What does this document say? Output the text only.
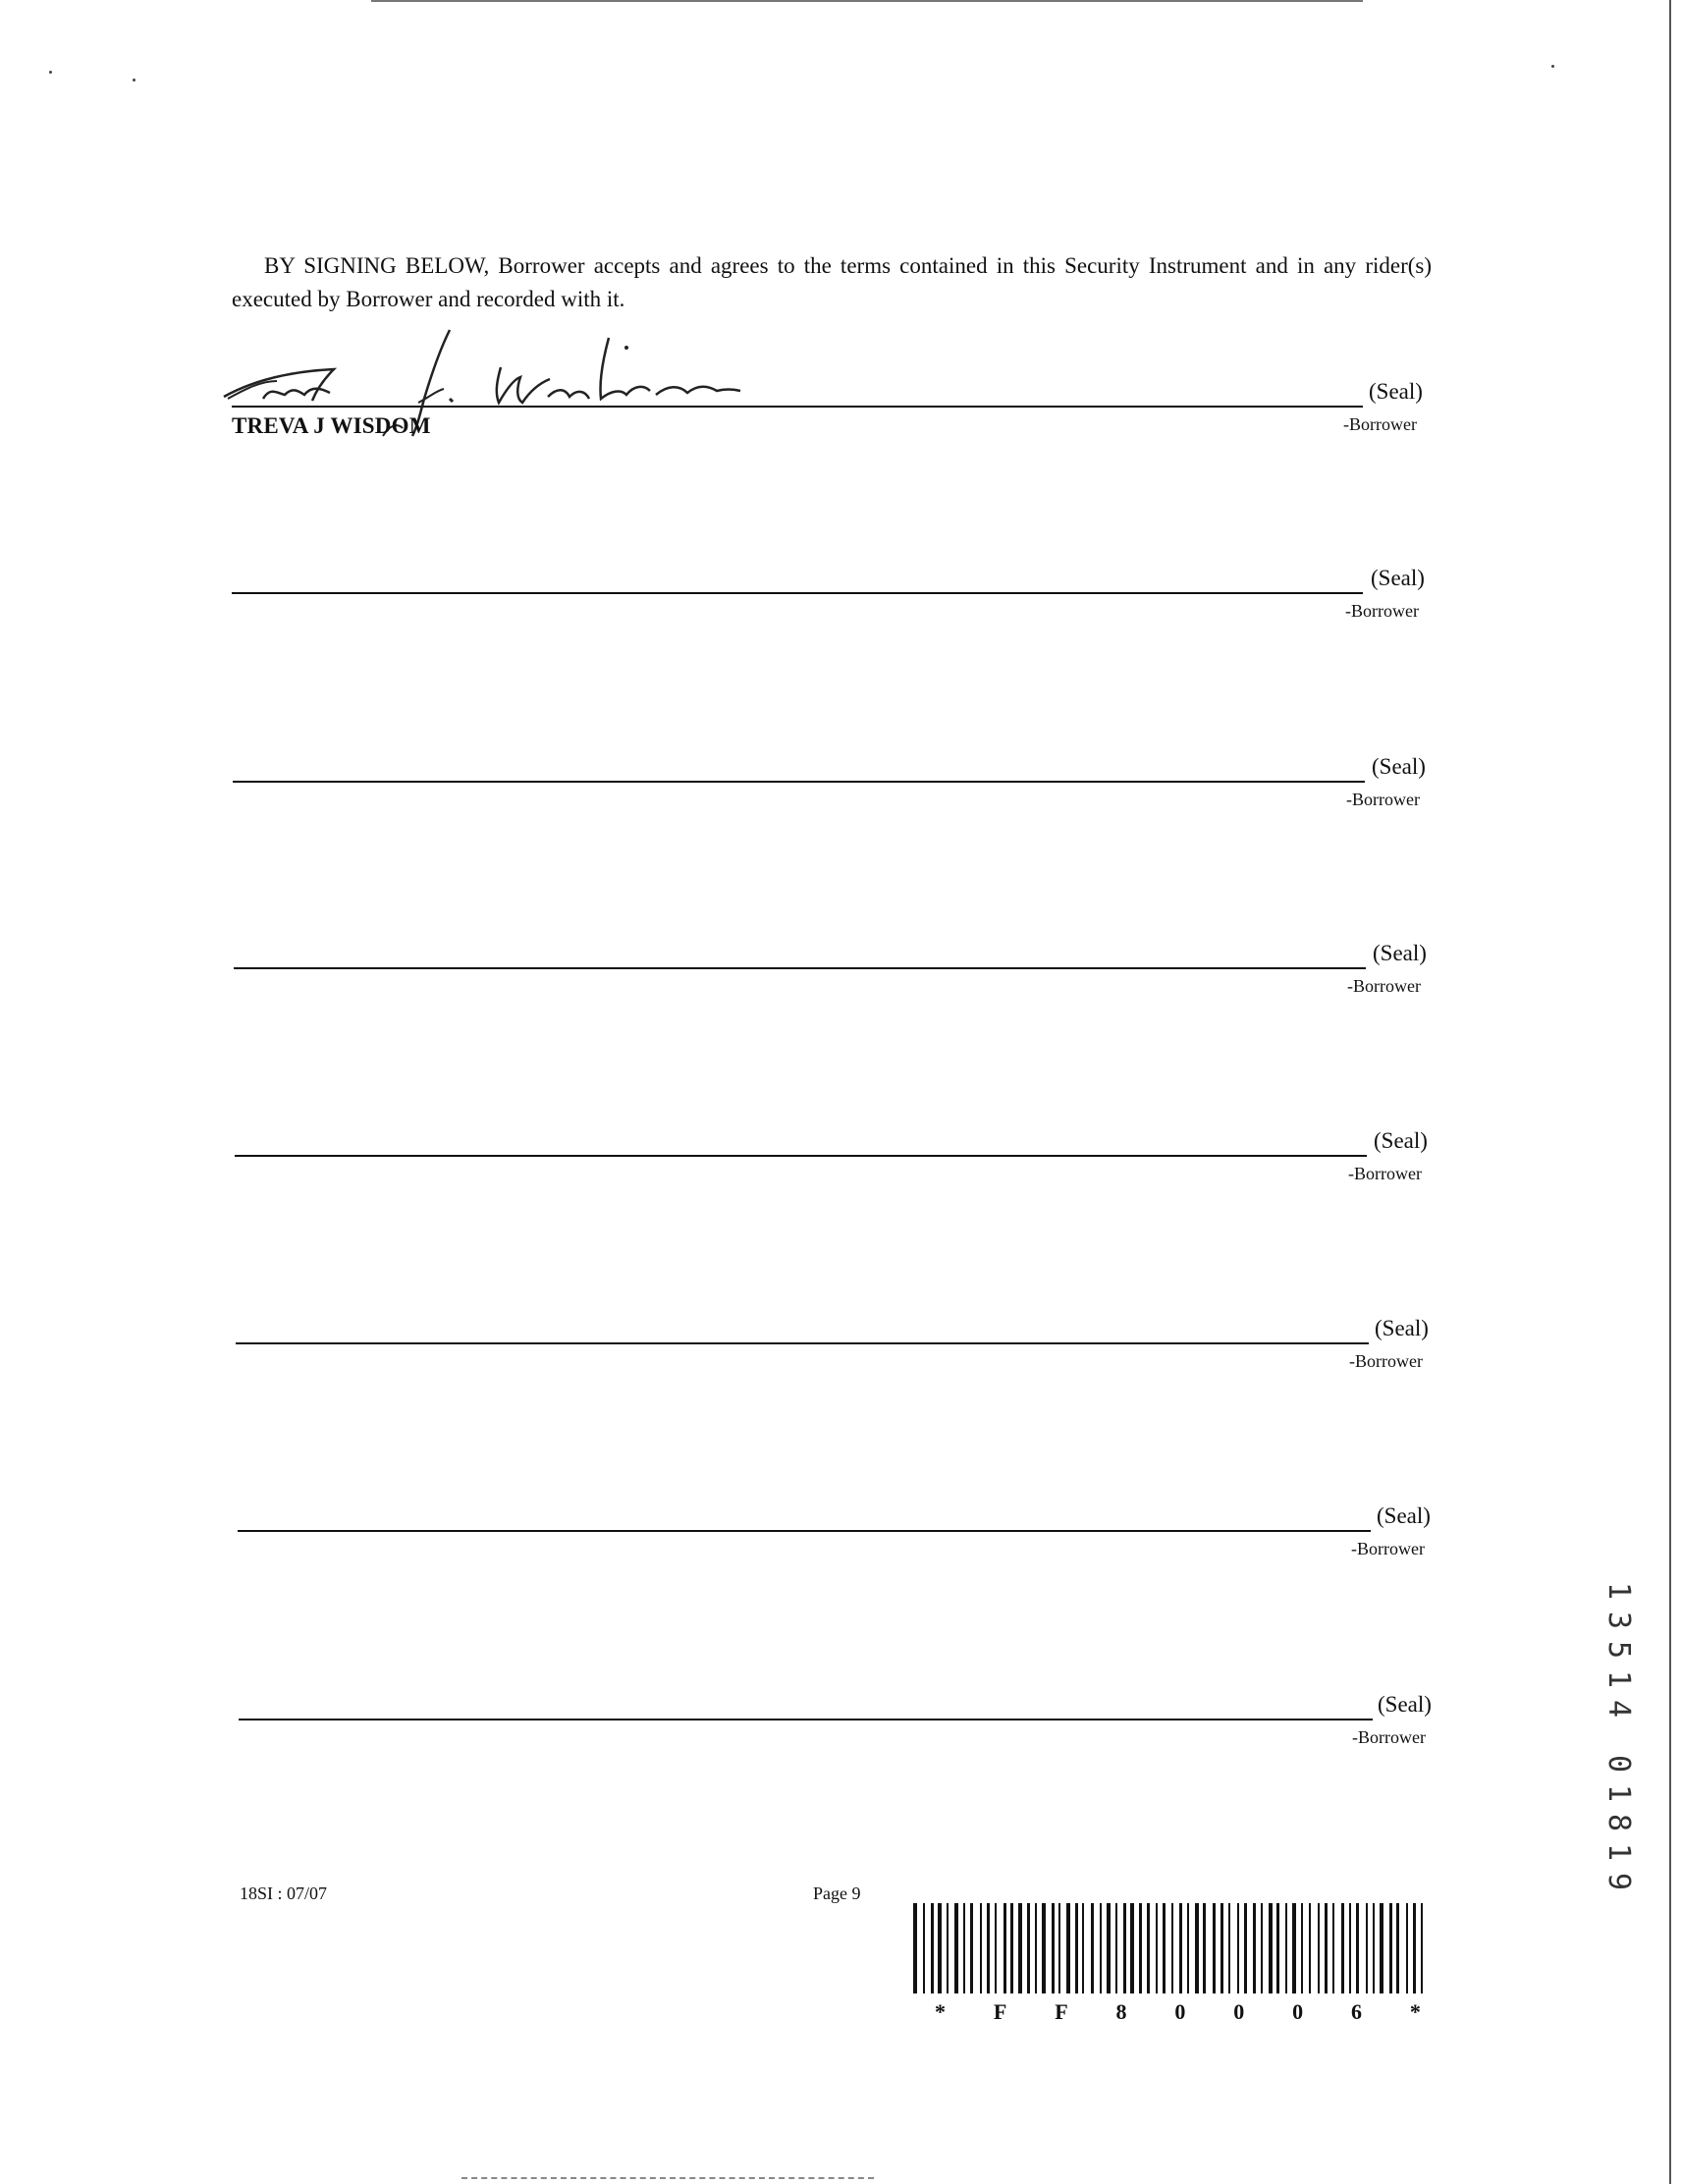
BY SIGNING BELOW, Borrower accepts and agrees to the terms contained in this Security Instrument and in any rider(s) executed by Borrower and recorded with it.

(Seal)
-Borrower
TREVA J WISDOM
(Seal)
-Borrower
(Seal)
-Borrower
(Seal)
-Borrower
(Seal)
-Borrower
(Seal)
-Borrower
(Seal)
-Borrower
(Seal)
-Borrower
18SI : 07/07	Page 9
* F F 8 0 0 0 6 *
1
3
5
1
4
0
1
8
1
9
